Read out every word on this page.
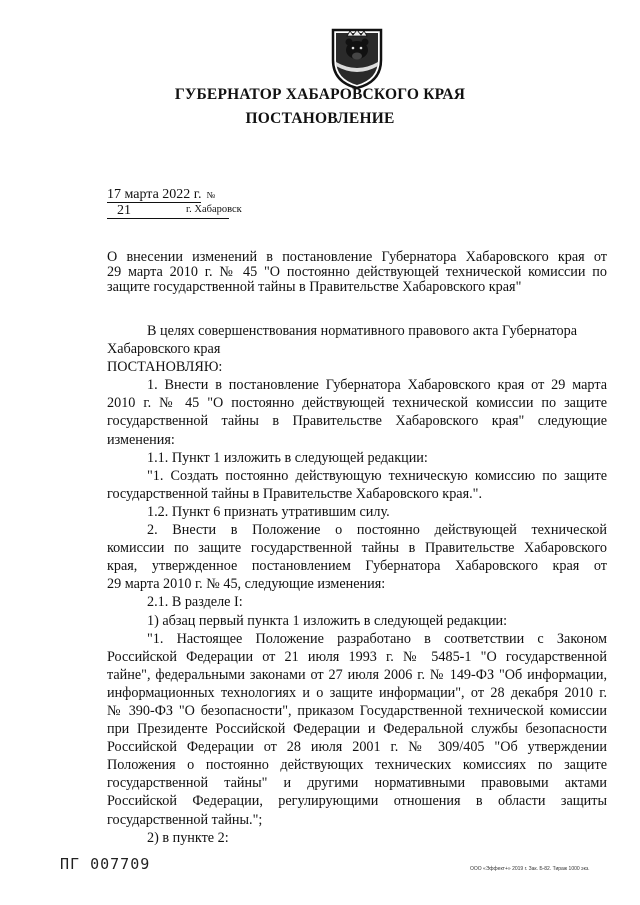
ГУБЕРНАТОР ХАБАРОВСКОГО КРАЯ
ПОСТАНОВЛЕНИЕ
17 марта 2022 г. №21	г. Хабаровск
О внесении изменений в постановление Губернатора Хабаровского края от
29 марта 2010 г. № 45 "О постоянно действующей технической комиссии по
защите государственной тайны в Правительстве Хабаровского края"
В целях совершенствования нормативного правового акта Губернатора
Хабаровского края
ПОСТАНОВЛЯЮ:
1. Внести в постановление Губернатора Хабаровского края от 29 марта
2010 г. № 45 "О постоянно действующей технической комиссии по защите
государственной тайны в Правительстве Хабаровского края" следующие
изменения:
1.1. Пункт 1 изложить в следующей редакции:
"1. Создать постоянно действующую техническую комиссию по защите
государственной тайны в Правительстве Хабаровского края.".
1.2. Пункт 6 признать утратившим силу.
2. Внести в Положение о постоянно действующей технической
комиссии по защите государственной тайны в Правительстве Хабаровского
края, утвержденное постановлением Губернатора Хабаровского края от
29 марта 2010 г. № 45, следующие изменения:
2.1. В разделе I:
1) абзац первый пункта 1 изложить в следующей редакции:
"1. Настоящее Положение разработано в соответствии с Законом
Российской Федерации от 21 июля 1993 г. № 5485-1 "О государственной
тайне", федеральными законами от 27 июля 2006 г. № 149-ФЗ "Об информации,
информационных технологиях и о защите информации", от 28 декабря 2010 г.
№ 390-ФЗ "О безопасности", приказом Государственной технической комиссии
при Президенте Российской Федерации и Федеральной службы безопасности
Российской Федерации от 28 июля 2001 г. № 309/405 "Об утверждении
Положения о постоянно действующих технических комиссиях по защите
государственной тайны" и другими нормативными правовыми актами
Российской Федерации, регулирующими отношения в области защиты
государственной тайны.";
2) в пункте 2:
ПГ 007709	ООО «Эффект+» 2019 г. Зак. Б-82. Тираж 1000 экз.
